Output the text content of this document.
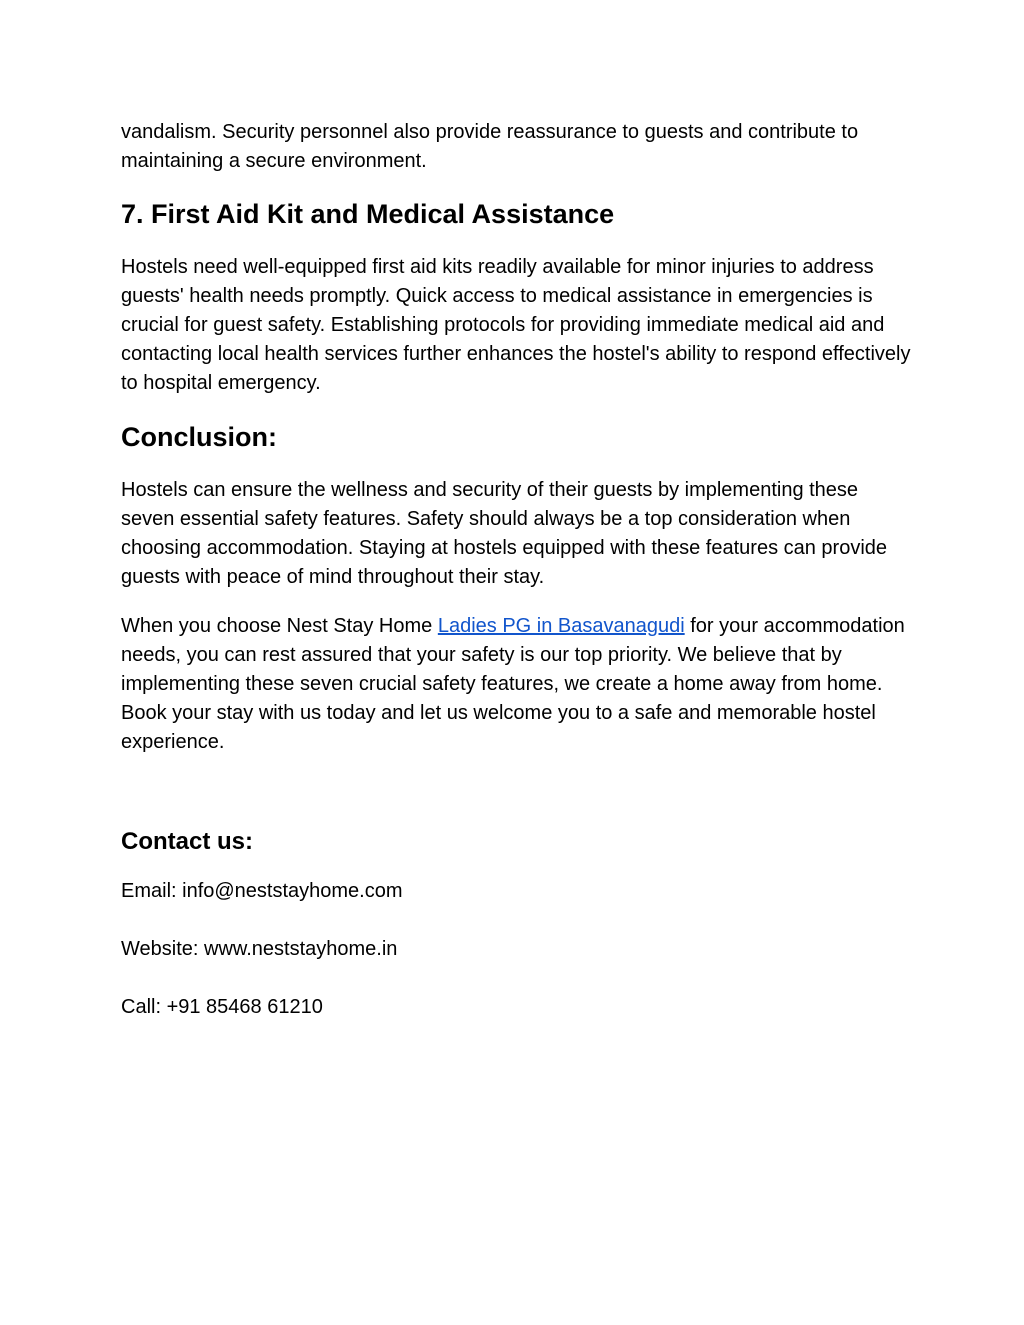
vandalism. Security personnel also provide reassurance to guests and contribute to maintaining a secure environment.

7. First Aid Kit and Medical Assistance

Hostels need well-equipped first aid kits readily available for minor injuries to address guests' health needs promptly. Quick access to medical assistance in emergencies is crucial for guest safety. Establishing protocols for providing immediate medical aid and contacting local health services further enhances the hostel's ability to respond effectively to hospital emergency.

Conclusion:

Hostels can ensure the wellness and security of their guests by implementing these seven essential safety features. Safety should always be a top consideration when choosing accommodation. Staying at hostels equipped with these features can provide guests with peace of mind throughout their stay.

When you choose Nest Stay Home Ladies PG in Basavanagudi for your accommodation needs, you can rest assured that your safety is our top priority. We believe that by implementing these seven crucial safety features, we create a home away from home. Book your stay with us today and let us welcome you to a safe and memorable hostel experience.

Contact us:

Email: info@neststayhome.com

Website: www.neststayhome.in

Call: +91 85468 61210
